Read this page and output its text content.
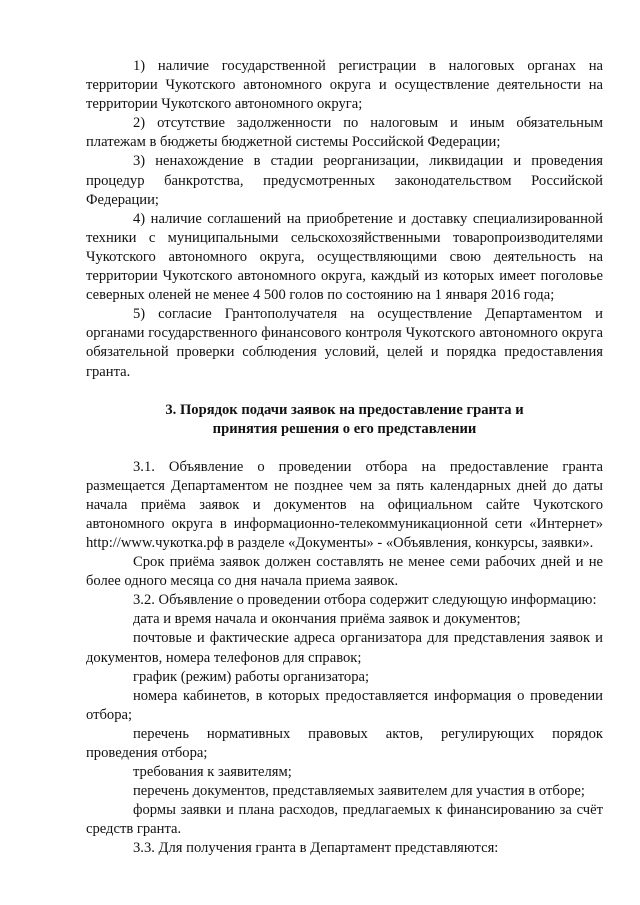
1) наличие государственной регистрации в налоговых органах на территории Чукотского автономного округа и осуществление деятельности на территории Чукотского автономного округа;

2) отсутствие задолженности по налоговым и иным обязательным платежам в бюджеты бюджетной системы Российской Федерации;

3) ненахождение в стадии реорганизации, ликвидации и проведения процедур банкротства, предусмотренных законодательством Российской Федерации;

4) наличие соглашений на приобретение и доставку специализированной техники с муниципальными сельскохозяйственными товаропроизводителями Чукотского автономного округа, осуществляющими свою деятельность на территории Чукотского автономного округа, каждый из которых имеет поголовье северных оленей не менее 4 500 голов по состоянию на 1 января 2016 года;

5) согласие Грантополучателя на осуществление Департаментом и органами государственного финансового контроля Чукотского автономного округа обязательной проверки соблюдения условий, целей и порядка предоставления гранта.

3. Порядок подачи заявок на предоставление гранта и
принятия решения о его представлении

3.1. Объявление о проведении отбора на предоставление гранта размещается Департаментом не позднее чем за пять календарных дней до даты начала приёма заявок и документов на официальном сайте Чукотского автономного округа в информационно-телекоммуникационной сети «Интернет» http://www.чукотка.рф в разделе «Документы» - «Объявления, конкурсы, заявки».

Срок приёма заявок должен составлять не менее семи рабочих дней и не более одного месяца со дня начала приема заявок.

3.2. Объявление о проведении отбора содержит следующую информацию:

дата и время начала и окончания приёма заявок и документов;

почтовые и фактические адреса организатора для представления заявок и документов, номера телефонов для справок;

график (режим) работы организатора;

номера кабинетов, в которых предоставляется информация о проведении отбора;

перечень нормативных правовых актов, регулирующих порядок проведения отбора;

требования к заявителям;

перечень документов, представляемых заявителем для участия в отборе;

формы заявки и плана расходов, предлагаемых к финансированию за счёт средств гранта.

3.3. Для получения гранта в Департамент представляются:
